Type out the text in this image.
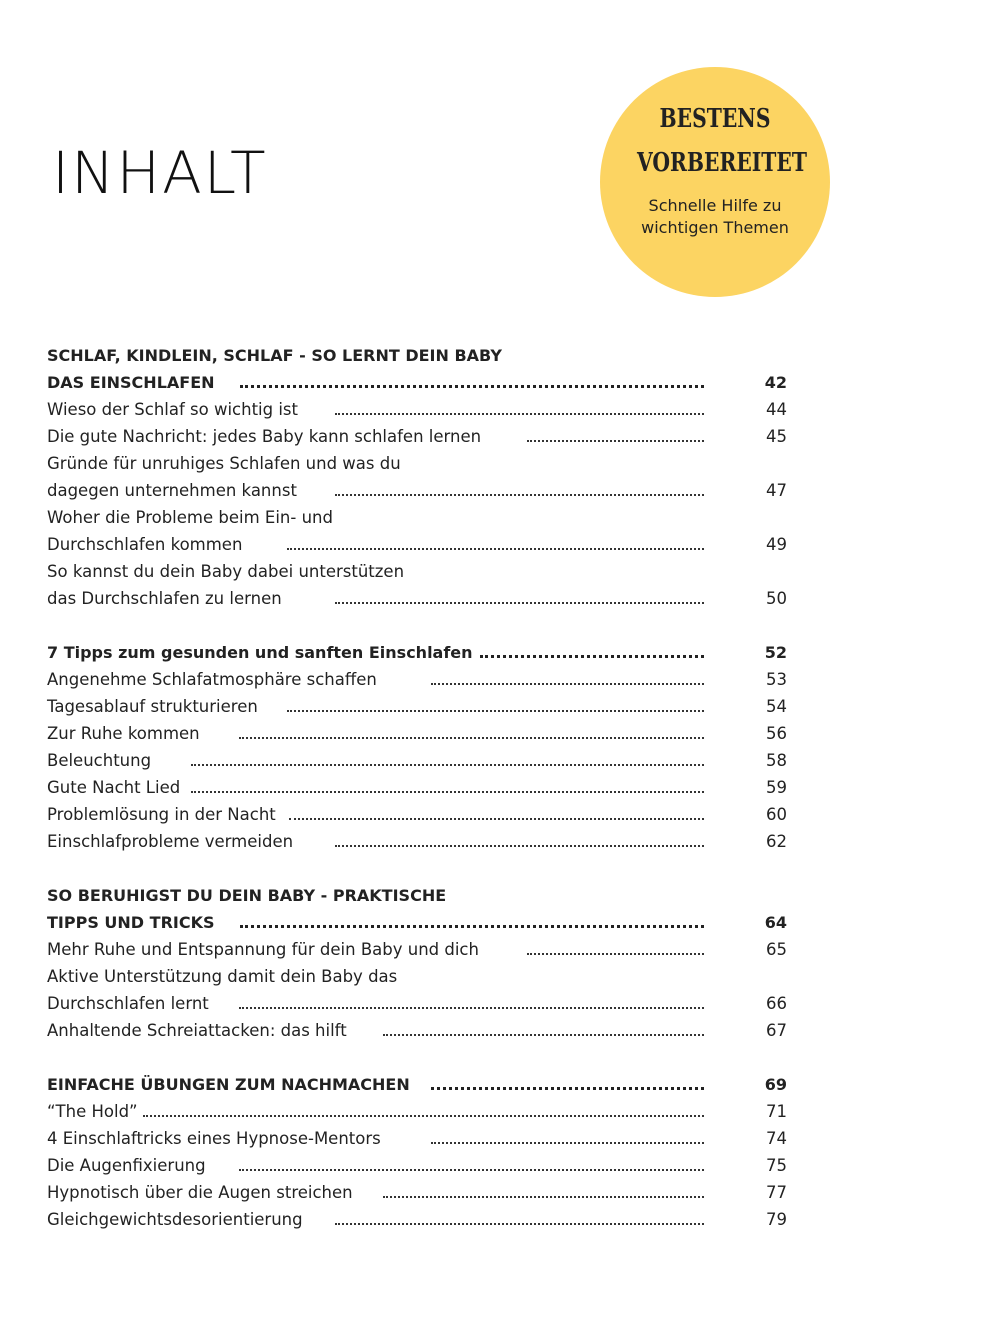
INHALT
BESTENS VORBEREITET
Schnelle Hilfe zu wichtigen Themen
SCHLAF, KINDLEIN, SCHLAF - SO LERNT DEIN BABY
DAS EINSCHLAFEN	42
Wieso der Schlaf so wichtig ist	44
Die gute Nachricht: jedes Baby kann schlafen lernen	45
Gründe für unruhiges Schlafen und was du
dagegen unternehmen kannst	47
Woher die Probleme beim Ein- und
Durchschlafen kommen	49
So kannst du dein Baby dabei unterstützen
das Durchschlafen zu lernen	50
7 Tipps zum gesunden und sanften Einschlafen	52
Angenehme Schlafatmosphäre schaffen	53
Tagesablauf strukturieren	54
Zur Ruhe kommen	56
Beleuchtung	58
Gute Nacht Lied	59
Problemlösung in der Nacht	60
Einschlafprobleme vermeiden	62
SO BERUHIGST DU DEIN BABY - PRAKTISCHE
TIPPS UND TRICKS	64
Mehr Ruhe und Entspannung für dein Baby und dich	65
Aktive Unterstützung damit dein Baby das
Durchschlafen lernt	66
Anhaltende Schreiattacken: das hilft	67
EINFACHE ÜBUNGEN ZUM NACHMACHEN	69
“The Hold”	71
4 Einschlaftricks eines Hypnose-Mentors	74
Die Augenfixierung	75
Hypnotisch über die Augen streichen	77
Gleichgewichtsdesorientierung	79
